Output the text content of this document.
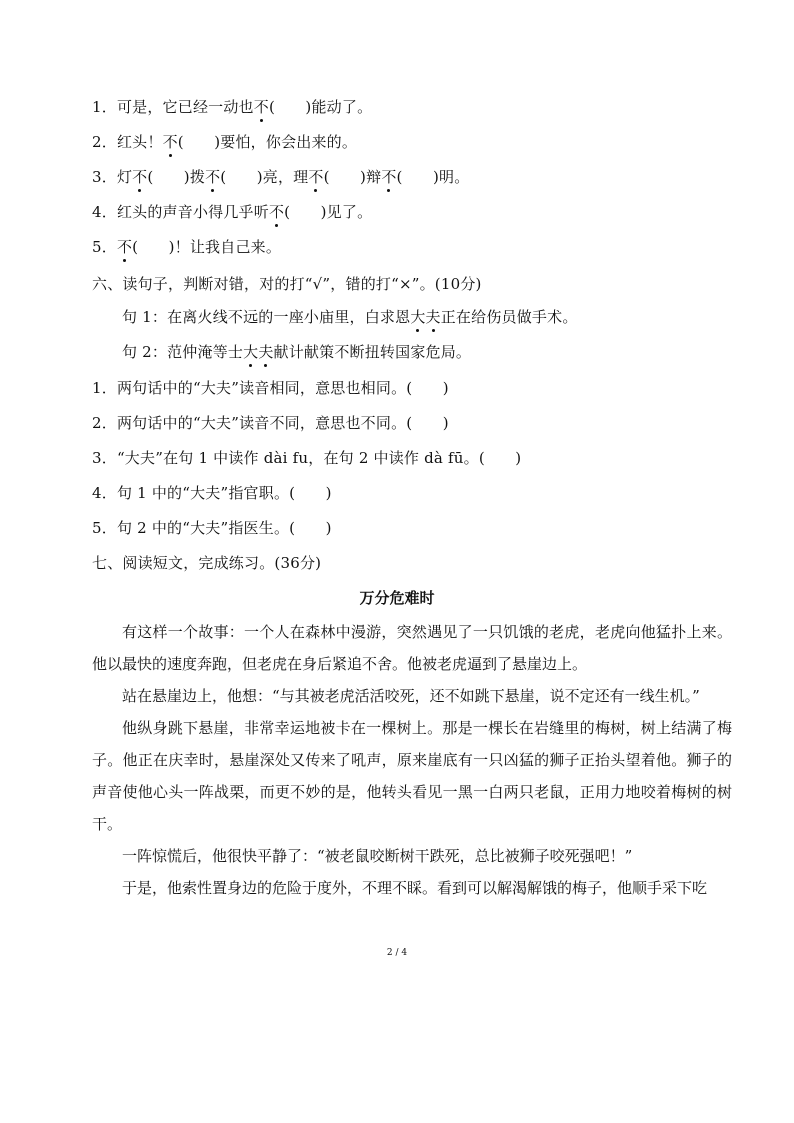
1．可是，它已经一动也不(　　)能动了。
2．红头！不(　　)要怕，你会出来的。
3．灯不(　　)拨不(　　)亮，理不(　　)辩不(　　)明。
4．红头的声音小得几乎听不(　　)见了。
5．不(　　)！让我自己来。
六、读句子，判断对错，对的打“√”，错的打“×”。(10分)
句 1：在离火线不远的一座小庙里，白求恩大夫正在给伤员做手术。
句 2：范仲淹等士大夫献计献策不断扭转国家危局。
1．两句话中的“大夫”读音相同，意思也相同。(　　)
2．两句话中的“大夫”读音不同，意思也不同。(　　)
3．“大夫”在句 1 中读作 dài fu，在句 2 中读作 dà fū。(　　)
4．句 1 中的“大夫”指官职。(　　)
5．句 2 中的“大夫”指医生。(　　)
七、阅读短文，完成练习。(36分)
万分危难时

有这样一个故事：一个人在森林中漫游，突然遇见了一只饥饿的老虎，老虎向他猛扑上来。他以最快的速度奔跑，但老虎在身后紧追不舍。他被老虎逼到了悬崖边上。

站在悬崖边上，他想：“与其被老虎活活咬死，还不如跳下悬崖，说不定还有一线生机。”

他纵身跳下悬崖，非常幸运地被卡在一棵树上。那是一棵长在岩缝里的梅树，树上结满了梅子。他正在庆幸时，悬崖深处又传来了吼声，原来崖底有一只凶猛的狮子正抬头望着他。狮子的声音使他心头一阵战栗，而更不妙的是，他转头看见一黑一白两只老鼠，正用力地咬着梅树的树干。

一阵惊慌后，他很快平静了：“被老鼠咬断树干跌死，总比被狮子咬死强吧！”

于是，他索性置身边的危险于度外，不理不睬。看到可以解渴解饿的梅子，他顺手采下吃

2 / 4
